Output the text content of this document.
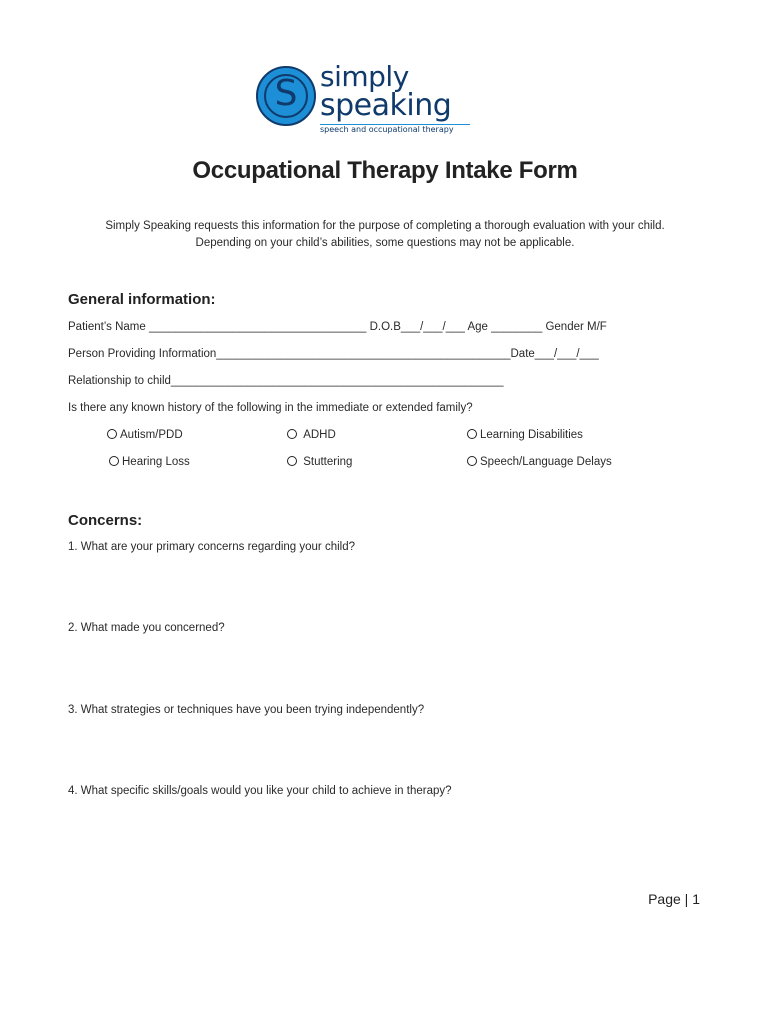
S simply
speaking
speech and occupational therapy
Occupational Therapy Intake Form
Simply Speaking requests this information for the purpose of completing a thorough evaluation with your child.
Depending on your child’s abilities, some questions may not be applicable.
General information:
Patient’s Name __________________________________ D.O.B___/___/___ Age ________ Gender M/F
Person Providing Information______________________________________________Date___/___/___
Relationship to child____________________________________________________
Is there any known history of the following in the immediate or extended family?
Autism/PDD	ADHD	Learning Disabilities
Hearing Loss	Stuttering	Speech/Language Delays
Concerns:
1. What are your primary concerns regarding your child?
2. What made you concerned?
3. What strategies or techniques have you been trying independently?
4. What specific skills/goals would you like your child to achieve in therapy?
Page | 1
